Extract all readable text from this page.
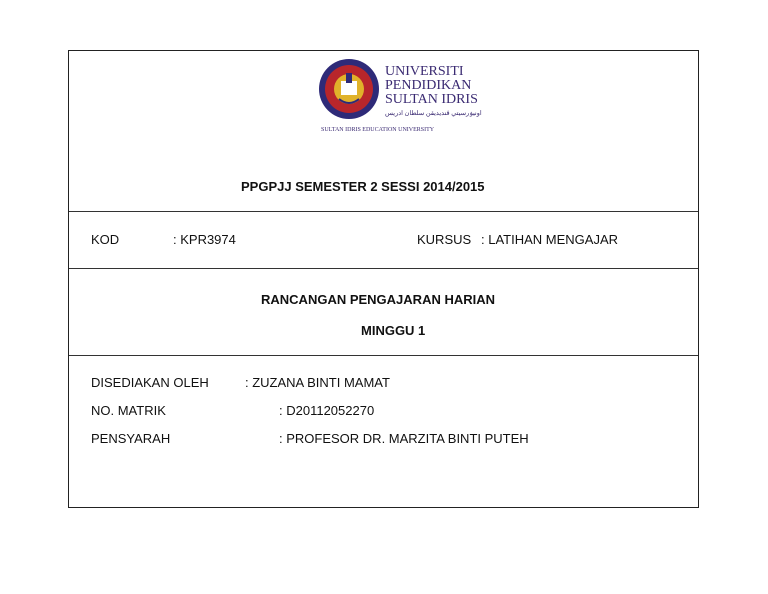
UNIVERSITI
PENDIDIKAN
SULTAN IDRIS
اونيۏرسيتي ڤنديديقن سلطان ادريس
SULTAN IDRIS EDUCATION UNIVERSITY
PPGPJJ SEMESTER 2 SESSI 2014/2015
KOD	: KPR3974	KURSUS : LATIHAN MENGAJAR
RANCANGAN PENGAJARAN HARIAN
MINGGU 1
DISEDIAKAN OLEH	: ZUZANA BINTI MAMAT
NO. MATRIK	: D20112052270
PENSYARAH	: PROFESOR DR. MARZITA BINTI PUTEH
